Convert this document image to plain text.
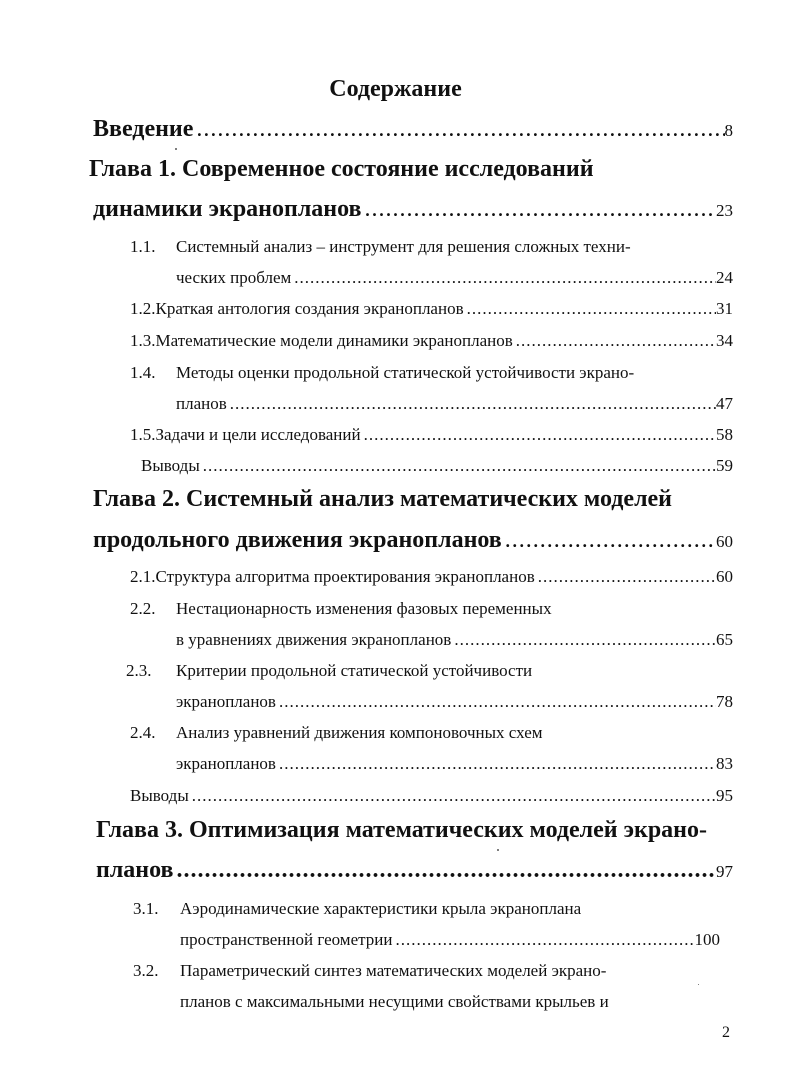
Содержание
Введение .....	8
Глава 1. Современное состояние исследований
динамики экранопланов .....	23
1.1.	Системный анализ – инструмент для решения сложных техни-
ческих проблем .....	24
1.2. Краткая антология создания экранопланов .....	31
1.3. Математические модели динамики экранопланов .....	34
1.4.	Методы оценки продольной статической устойчивости экрано-
планов .....	47
1.5. Задачи и цели исследований .....	58
Выводы .....	59
Глава 2. Системный анализ математических моделей
продольного движения экранопланов .....	60
2.1. Структура алгоритма проектирования экранопланов .....	60
2.2.	Нестационарность изменения фазовых переменных
в уравнениях движения экранопланов .....	65
2.3.	Критерии продольной статической устойчивости
экранопланов .....	78
2.4.	Анализ уравнений движения компоновочных схем
экранопланов .....	83
Выводы .....	95
Глава 3. Оптимизация математических моделей экрано-
планов .....	97
3.1.	Аэродинамические характеристики крыла экраноплана
пространственной геометрии .....	100
3.2.	Параметрический синтез математических моделей экрано-
планов с максимальными несущими свойствами крыльев и
2
